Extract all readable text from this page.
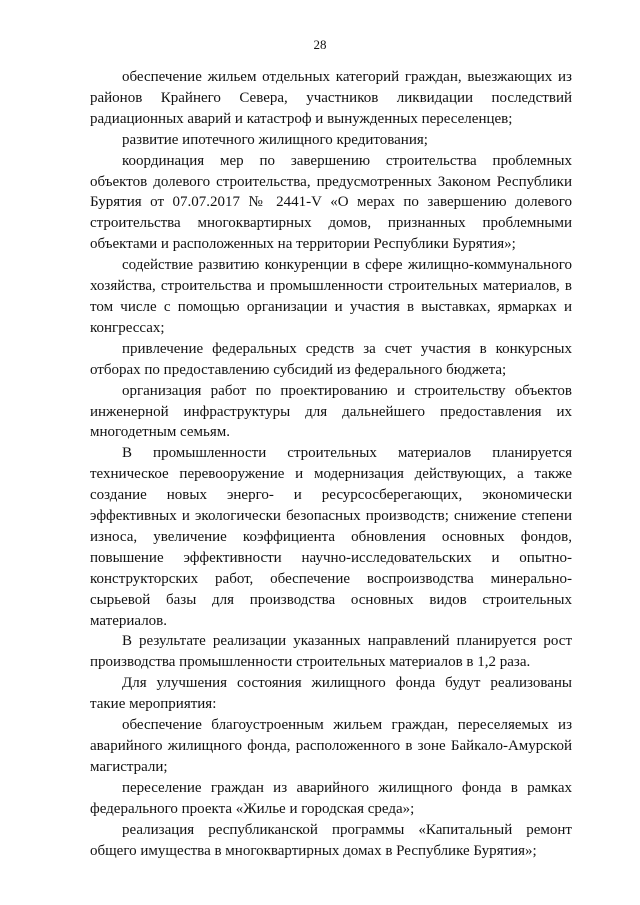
28

обеспечение жильем отдельных категорий граждан, выезжающих из районов Крайнего Севера, участников ликвидации последствий радиационных аварий и катастроф и вынужденных переселенцев;

развитие ипотечного жилищного кредитования;

координация мер по завершению строительства проблемных объектов долевого строительства, предусмотренных Законом Республики Бурятия от 07.07.2017 № 2441-V «О мерах по завершению долевого строительства многоквартирных домов, признанных проблемными объектами и расположенных на территории Республики Бурятия»;

содействие развитию конкуренции в сфере жилищно-коммунального хозяйства, строительства и промышленности строительных материалов, в том числе с помощью организации и участия в выставках, ярмарках и конгрессах;

привлечение федеральных средств за счет участия в конкурсных отборах по предоставлению субсидий из федерального бюджета;

организация работ по проектированию и строительству объектов инженерной инфраструктуры для дальнейшего предоставления их многодетным семьям.

В промышленности строительных материалов планируется техническое перевооружение и модернизация действующих, а также создание новых энерго- и ресурсосберегающих, экономически эффективных и экологически безопасных производств; снижение степени износа, увеличение коэффициента обновления основных фондов, повышение эффективности научно-исследовательских и опытно-конструкторских работ, обеспечение воспроизводства минерально-сырьевой базы для производства основных видов строительных материалов.

В результате реализации указанных направлений планируется рост производства промышленности строительных материалов в 1,2 раза.

Для улучшения состояния жилищного фонда будут реализованы такие мероприятия:

обеспечение благоустроенным жильем граждан, переселяемых из аварийного жилищного фонда, расположенного в зоне Байкало-Амурской магистрали;

переселение граждан из аварийного жилищного фонда в рамках федерального проекта «Жилье и городская среда»;

реализация республиканской программы «Капитальный ремонт общего имущества в многоквартирных домах в Республике Бурятия»;
